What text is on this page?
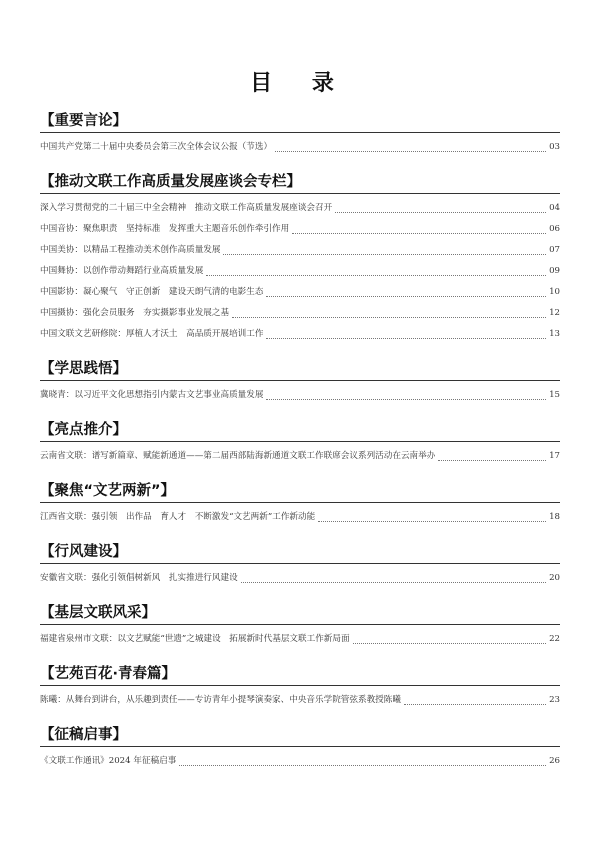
目 录
【重要言论】
中国共产党第二十届中央委员会第三次全体会议公报（节选）	03
【推动文联工作高质量发展座谈会专栏】
深入学习贯彻党的二十届三中全会精神　推动文联工作高质量发展座谈会召开	04
中国音协：聚焦职责　坚持标准　发挥重大主题音乐创作牵引作用	06
中国美协：以精品工程推动美术创作高质量发展	07
中国舞协：以创作带动舞蹈行业高质量发展	09
中国影协：凝心聚气　守正创新　建设天朗气清的电影生态	10
中国摄协：强化会员服务　夯实摄影事业发展之基	12
中国文联文艺研修院：厚植人才沃土　高品质开展培训工作	13
【学思践悟】
冀晓青：以习近平文化思想指引内蒙古文艺事业高质量发展	15
【亮点推介】
云南省文联：谱写新篇章、赋能新通道——第二届西部陆海新通道文联工作联席会议系列活动在云南举办	17
【聚焦“文艺两新”】
江西省文联：强引领　出作品　育人才　不断激发“文艺两新”工作新动能	18
【行风建设】
安徽省文联：强化引领倡树新风　扎实推进行风建设	20
【基层文联风采】
福建省泉州市文联：以文艺赋能“世遗”之城建设　拓展新时代基层文联工作新局面	22
【艺苑百花·青春篇】
陈曦：从舞台到讲台，从乐趣到责任——专访青年小提琴演奏家、中央音乐学院管弦系教授陈曦	23
【征稿启事】
《文联工作通讯》2024 年征稿启事	26
